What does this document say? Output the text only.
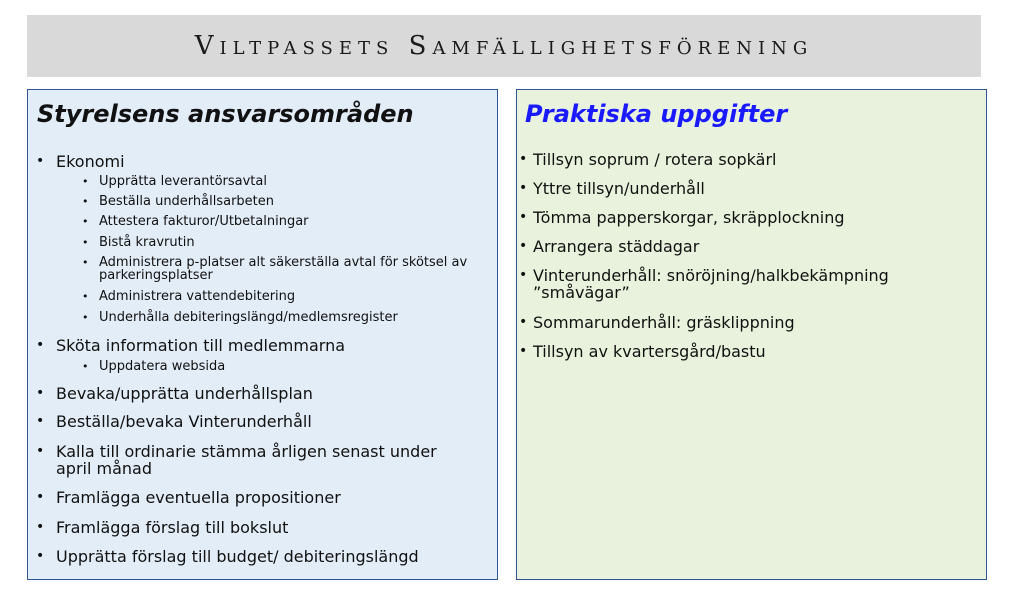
Viltpassets Samfällighetsförening
Styrelsens ansvarsområden
• Ekonomi
• Upprätta leverantörsavtal
• Beställa underhållsarbeten
• Attestera fakturor/Utbetalningar
• Bistå kravrutin
• Administrera p-platser alt säkerställa avtal för skötsel av
parkeringsplatser
• Administrera vattendebitering
• Underhålla debiteringslängd/medlemsregister
• Sköta information till medlemmarna
• Uppdatera websida
• Bevaka/upprätta underhållsplan
• Beställa/bevaka Vinterunderhåll
• Kalla till ordinarie stämma årligen senast under
april månad
• Framlägga eventuella propositioner
• Framlägga förslag till bokslut
• Upprätta förslag till budget/ debiteringslängd
Praktiska uppgifter
• Tillsyn soprum / rotera sopkärl
• Yttre tillsyn/underhåll
• Tömma papperskorgar, skräpplockning
• Arrangera städdagar
• Vinterunderhåll: snöröjning/halkbekämpning
”småvägar”
• Sommarunderhåll: gräsklippning
• Tillsyn av kvartersgård/bastu
